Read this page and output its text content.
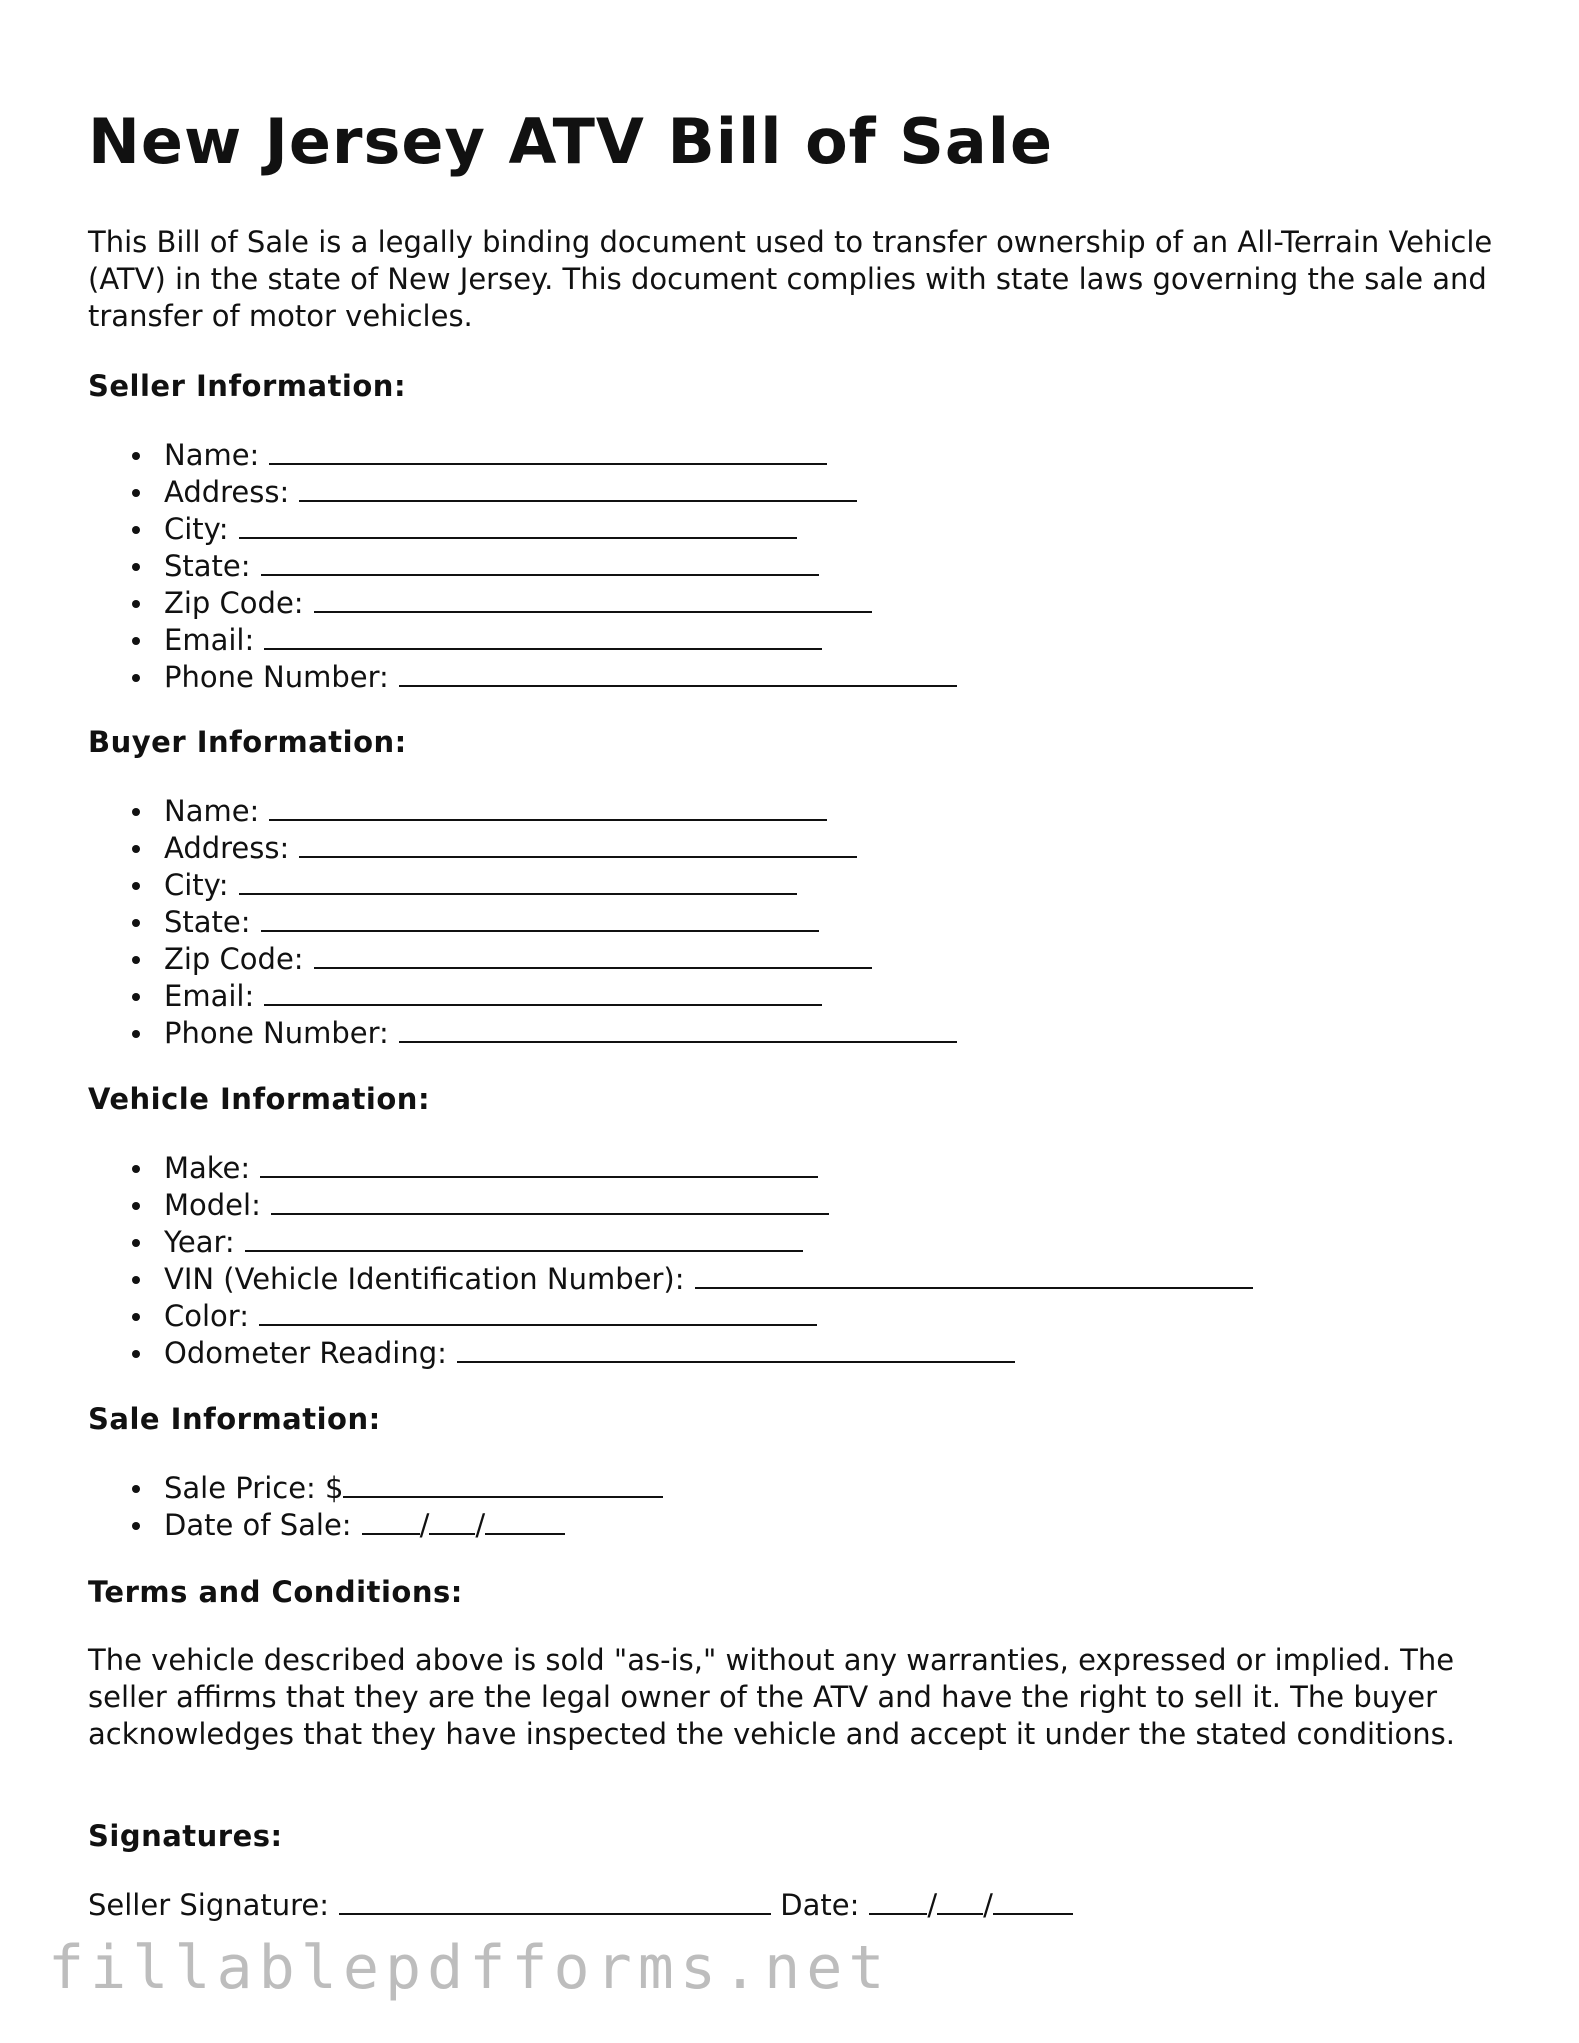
New Jersey ATV Bill of Sale

This Bill of Sale is a legally binding document used to transfer ownership of an All-Terrain Vehicle (ATV) in the state of New Jersey. This document complies with state laws governing the sale and transfer of motor vehicles.

Seller Information:
Name:
Address:
City:
State:
Zip Code:
Email:
Phone Number:
Buyer Information:
Name:
Address:
City:
State:
Zip Code:
Email:
Phone Number:
Vehicle Information:
Make:
Model:
Year:
VIN (Vehicle Identification Number):
Color:
Odometer Reading:
Sale Information:
Sale Price: $
Date of Sale: / /
Terms and Conditions:

The vehicle described above is sold "as-is," without any warranties, expressed or implied. The seller affirms that they are the legal owner of the ATV and have the right to sell it. The buyer acknowledges that they have inspected the vehicle and accept it under the stated conditions.

Signatures:
Seller Signature:	Date: / /
fillablepdfforms.net
